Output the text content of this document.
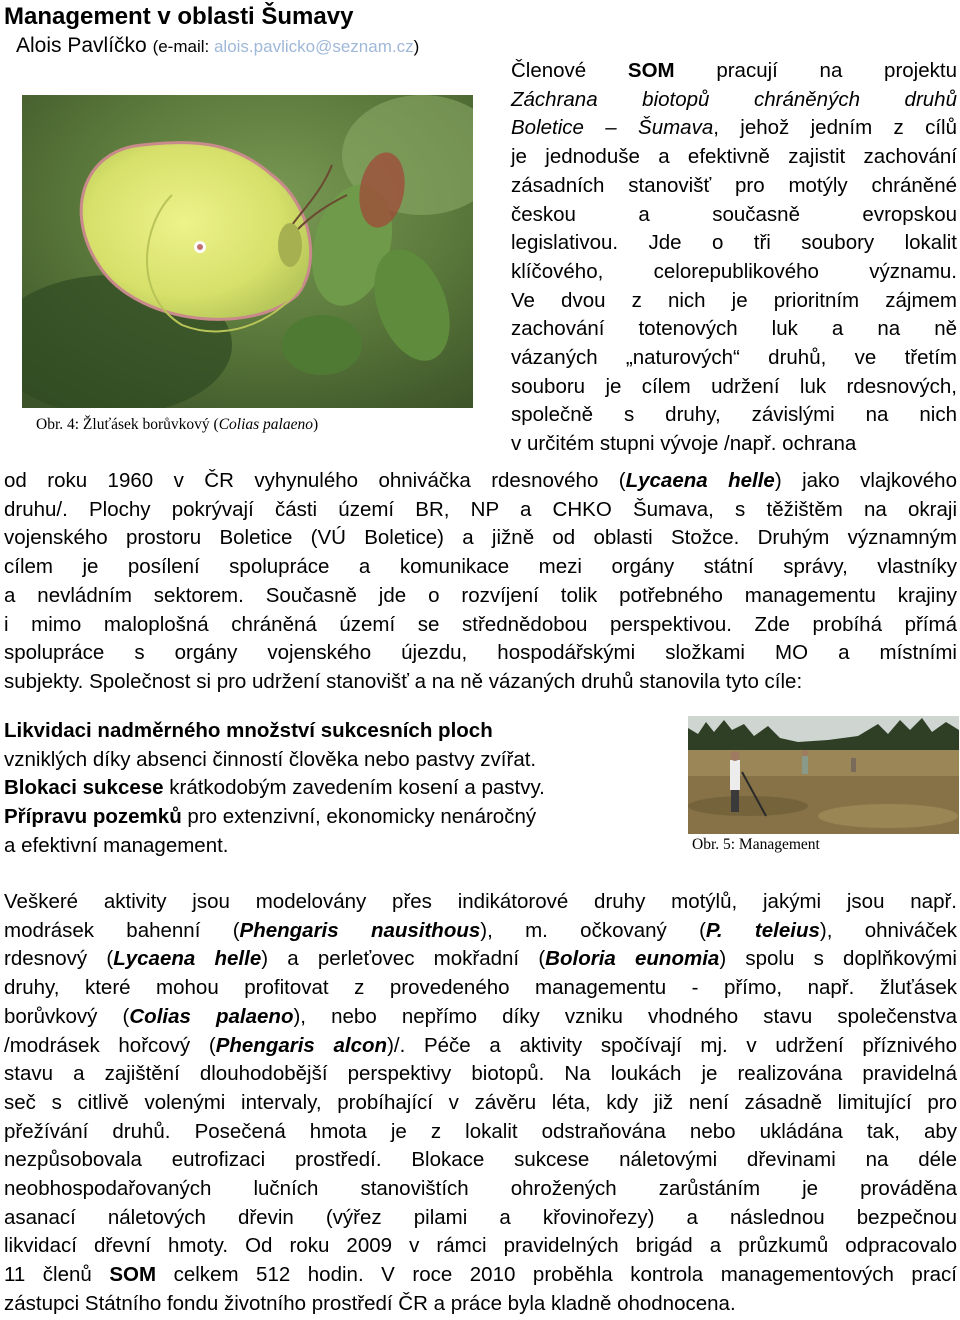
Management v oblasti Šumavy
Alois Pavlíčko (e-mail: alois.pavlicko@seznam.cz)
Obr. 4: Žluťásek borůvkový (Colias palaeno)
Členové SOM pracují na projektu
Záchrana biotopů chráněných druhů
Boletice – Šumava, jehož jedním z cílů
je jednoduše a efektivně zajistit zachování
zásadních stanovišť pro motýly chráněné
českou a současně evropskou
legislativou. Jde o tři soubory lokalit
klíčového, celorepublikového významu.
Ve dvou z nich je prioritním zájmem
zachování totenových luk a na ně
vázaných „naturových“ druhů, ve třetím
souboru je cílem udržení luk rdesnových,
společně s druhy, závislými na nich
v určitém stupni vývoje /např. ochrana
od roku 1960 v ČR vyhynulého ohniváčka rdesnového (Lycaena helle) jako vlajkového
druhu/. Plochy pokrývají části území BR, NP a CHKO Šumava, s těžištěm na okraji
vojenského prostoru Boletice (VÚ Boletice) a jižně od oblasti Stožce. Druhým významným
cílem je posílení spolupráce a komunikace mezi orgány státní správy, vlastníky
a nevládním sektorem. Současně jde o rozvíjení tolik potřebného managementu krajiny
i mimo maloplošná chráněná území se střednědobou perspektivou. Zde probíhá přímá
spolupráce s orgány vojenského újezdu, hospodářskými složkami MO a místními
subjekty. Společnost si pro udržení stanovišť a na ně vázaných druhů stanovila tyto cíle:
Likvidaci nadměrného množství sukcesních ploch
vzniklých díky absenci činností člověka nebo pastvy zvířat.
Blokaci sukcese krátkodobým zavedením kosení a pastvy.
Přípravu pozemků pro extenzivní, ekonomicky nenáročný
a efektivní management.	Obr. 5: Management
Veškeré aktivity jsou modelovány přes indikátorové druhy motýlů, jakými jsou např.
modrásek bahenní (Phengaris nausithous), m. očkovaný (P. teleius), ohniváček
rdesnový (Lycaena helle) a perleťovec mokřadní (Boloria eunomia) spolu s doplňkovými
druhy, které mohou profitovat z provedeného managementu - přímo, např. žluťásek
borůvkový (Colias palaeno), nebo nepřímo díky vzniku vhodného stavu společenstva
/modrásek hořcový (Phengaris alcon)/. Péče a aktivity spočívají mj. v udržení příznivého
stavu a zajištění dlouhodobější perspektivy biotopů. Na loukách je realizována pravidelná
seč s citlivě volenými intervaly, probíhající v závěru léta, kdy již není zásadně limitující pro
přežívání druhů. Posečená hmota je z lokalit odstraňována nebo ukládána tak, aby
nezpůsobovala eutrofizaci prostředí. Blokace sukcese náletovými dřevinami na déle
neobhospodařovaných lučních stanovištích ohrožených zarůstáním je prováděna
asanací náletových dřevin (výřez pilami a křovinořezy) a následnou bezpečnou
likvidací dřevní hmoty. Od roku 2009 v rámci pravidelných brigád a průzkumů odpracovalo
11 členů SOM celkem 512 hodin. V roce 2010 proběhla kontrola managementových prací
zástupci Státního fondu životního prostředí ČR a práce byla kladně ohodnocena.
